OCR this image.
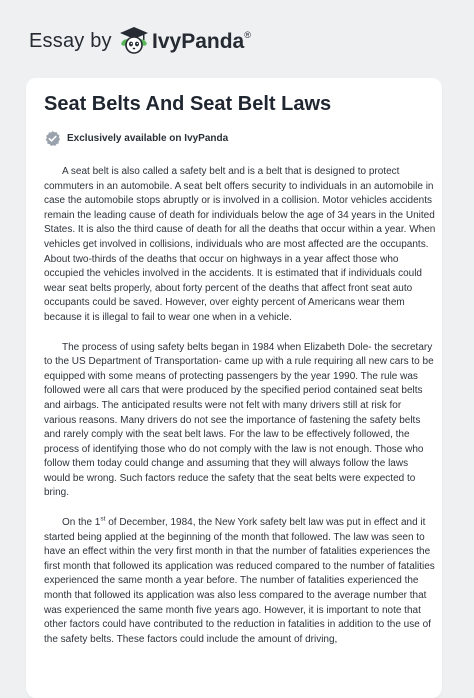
Essay by IvyPanda®
Seat Belts And Seat Belt Laws
Exclusively available on IvyPanda

A seat belt is also called a safety belt and is a belt that is designed to protect commuters in an automobile. A seat belt offers security to individuals in an automobile in case the automobile stops abruptly or is involved in a collision. Motor vehicles accidents remain the leading cause of death for individuals below the age of 34 years in the United States. It is also the third cause of death for all the deaths that occur within a year. When vehicles get involved in collisions, individuals who are most affected are the occupants. About two-thirds of the deaths that occur on highways in a year affect those who occupied the vehicles involved in the accidents. It is estimated that if individuals could wear seat belts properly, about forty percent of the deaths that affect front seat auto occupants could be saved. However, over eighty percent of Americans wear them because it is illegal to fail to wear one when in a vehicle.

The process of using safety belts began in 1984 when Elizabeth Dole- the secretary to the US Department of Transportation- came up with a rule requiring all new cars to be equipped with some means of protecting passengers by the year 1990. The rule was followed were all cars that were produced by the specified period contained seat belts and airbags. The anticipated results were not felt with many drivers still at risk for various reasons. Many drivers do not see the importance of fastening the safety belts and rarely comply with the seat belt laws. For the law to be effectively followed, the process of identifying those who do not comply with the law is not enough. Those who follow them today could change and assuming that they will always follow the laws would be wrong. Such factors reduce the safety that the seat belts were expected to bring.

On the 1st of December, 1984, the New York safety belt law was put in effect and it started being applied at the beginning of the month that followed. The law was seen to have an effect within the very first month in that the number of fatalities experiences the first month that followed its application was reduced compared to the number of fatalities experienced the same month a year before. The number of fatalities experienced the month that followed its application was also less compared to the average number that was experienced the same month five years ago. However, it is important to note that other factors could have contributed to the reduction in fatalities in addition to the use of the safety belts. These factors could include the amount of driving,
